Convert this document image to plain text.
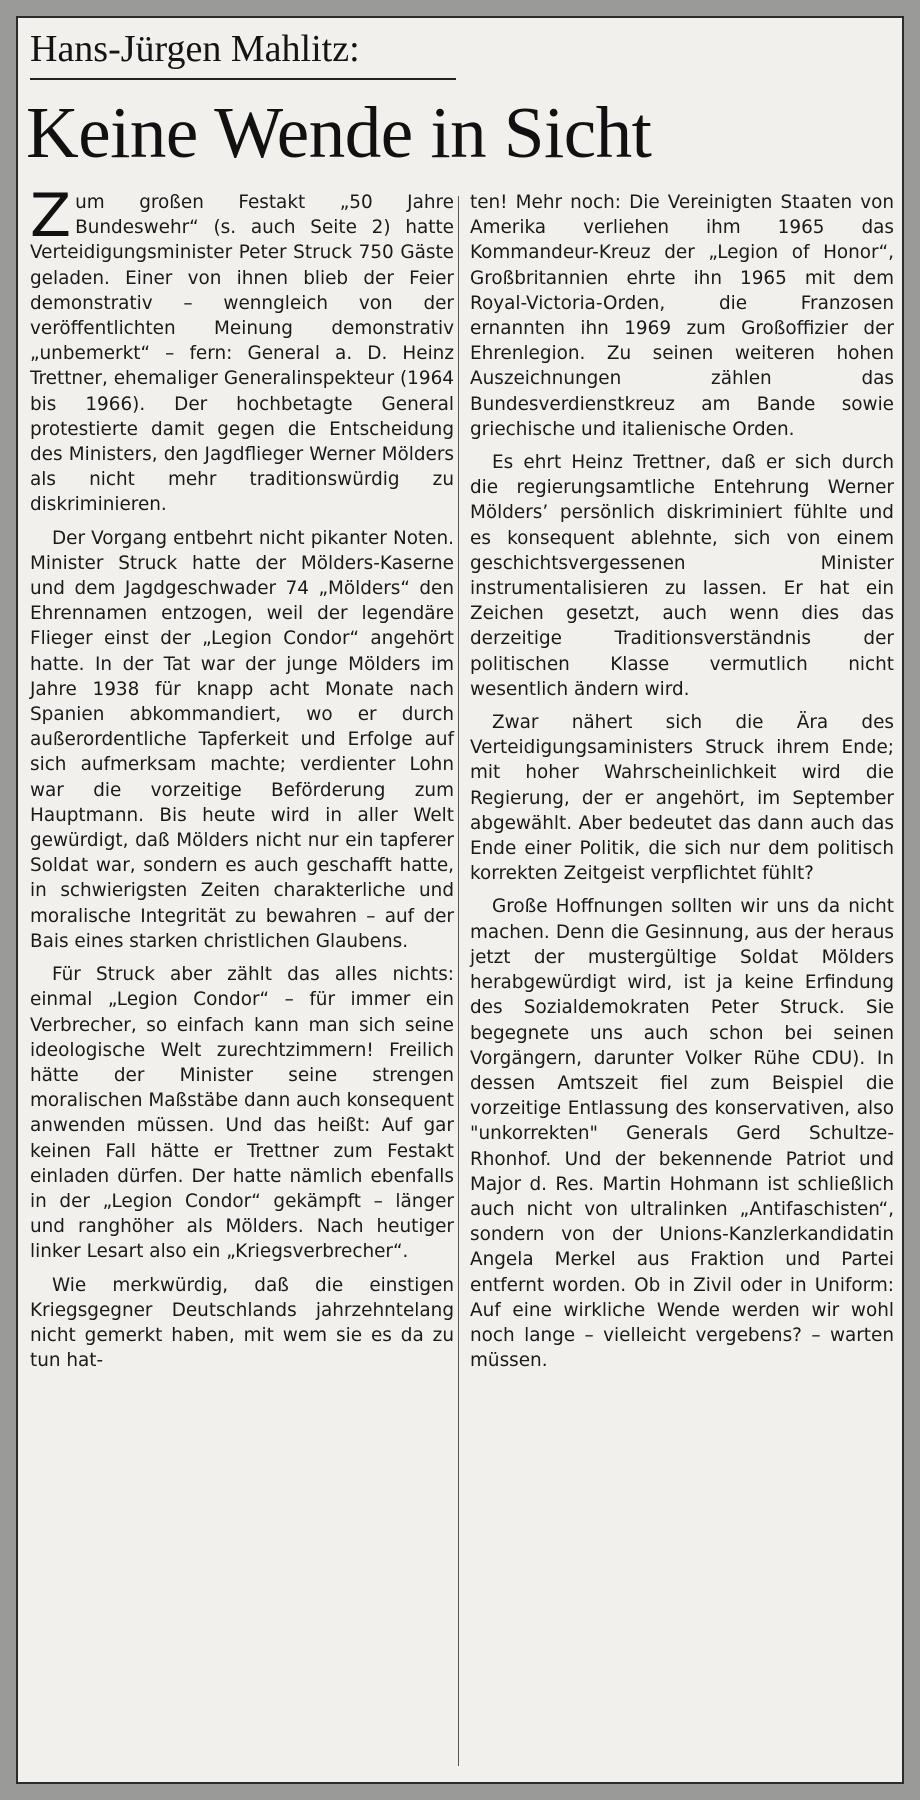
Hans-Jürgen Mahlitz:
Keine Wende in Sicht

Zum großen Festakt „50 Jahre Bundeswehr“ (s. auch Seite 2) hatte Verteidigungsminister Peter Struck 750 Gäste geladen. Einer von ihnen blieb der Feier demonstrativ – wenngleich von der veröffentlichten Meinung demonstrativ „unbemerkt“ – fern: General a. D. Heinz Trettner, ehemaliger Generalinspekteur (1964 bis 1966). Der hochbetagte General protestierte damit gegen die Entscheidung des Ministers, den Jagdflieger Werner Mölders als nicht mehr traditionswürdig zu diskriminieren.

Der Vorgang entbehrt nicht pikanter Noten. Minister Struck hatte der Mölders-Kaserne und dem Jagdgeschwader 74 „Mölders“ den Ehrennamen entzogen, weil der legendäre Flieger einst der „Legion Condor“ angehört hatte. In der Tat war der junge Mölders im Jahre 1938 für knapp acht Monate nach Spanien abkommandiert, wo er durch außerordentliche Tapferkeit und Erfolge auf sich aufmerksam machte; verdienter Lohn war die vorzeitige Beförderung zum Hauptmann. Bis heute wird in aller Welt gewürdigt, daß Mölders nicht nur ein tapferer Soldat war, sondern es auch geschafft hatte, in schwierigsten Zeiten charakterliche und moralische Integrität zu bewahren – auf der Bais eines starken christlichen Glaubens.

Für Struck aber zählt das alles nichts: einmal „Legion Condor“ – für immer ein Verbrecher, so einfach kann man sich seine ideologische Welt zurechtzimmern! Freilich hätte der Minister seine strengen moralischen Maßstäbe dann auch konsequent anwenden müssen. Und das heißt: Auf gar keinen Fall hätte er Trettner zum Festakt einladen dürfen. Der hatte nämlich ebenfalls in der „Legion Condor“ gekämpft – länger und ranghöher als Mölders. Nach heutiger linker Lesart also ein „Kriegsverbrecher“.

Wie merkwürdig, daß die einstigen Kriegsgegner Deutschlands jahrzehntelang nicht gemerkt haben, mit wem sie es da zu tun hat-

ten! Mehr noch: Die Vereinigten Staaten von Amerika verliehen ihm 1965 das Kommandeur-Kreuz der „Legion of Honor“, Großbritannien ehrte ihn 1965 mit dem Royal-Victoria-Orden, die Franzosen ernannten ihn 1969 zum Großoffizier der Ehrenlegion. Zu seinen weiteren hohen Auszeichnungen zählen das Bundesverdienstkreuz am Bande sowie griechische und italienische Orden.

Es ehrt Heinz Trettner, daß er sich durch die regierungsamtliche Entehrung Werner Mölders’ persönlich diskriminiert fühlte und es konsequent ablehnte, sich von einem geschichtsvergessenen Minister instrumentalisieren zu lassen. Er hat ein Zeichen gesetzt, auch wenn dies das derzeitige Traditionsverständnis der politischen Klasse vermutlich nicht wesentlich ändern wird.

Zwar nähert sich die Ära des Verteidigungsaministers Struck ihrem Ende; mit hoher Wahrscheinlichkeit wird die Regierung, der er angehört, im September abgewählt. Aber bedeutet das dann auch das Ende einer Politik, die sich nur dem politisch korrekten Zeitgeist verpflichtet fühlt?

Große Hoffnungen sollten wir uns da nicht machen. Denn die Gesinnung, aus der heraus jetzt der mustergültige Soldat Mölders herabgewürdigt wird, ist ja keine Erfindung des Sozialdemokraten Peter Struck. Sie begegnete uns auch schon bei seinen Vorgängern, darunter Volker Rühe CDU). In dessen Amtszeit fiel zum Beispiel die vorzeitige Entlassung des konservativen, also "unkorrekten" Generals Gerd Schultze-Rhonhof. Und der bekennende Patriot und Major d. Res. Martin Hohmann ist schließlich auch nicht von ultralinken „Antifaschisten“, sondern von der Unions-Kanzlerkandidatin Angela Merkel aus Fraktion und Partei entfernt worden. Ob in Zivil oder in Uniform: Auf eine wirkliche Wende werden wir wohl noch lange – vielleicht vergebens? – warten müssen.
